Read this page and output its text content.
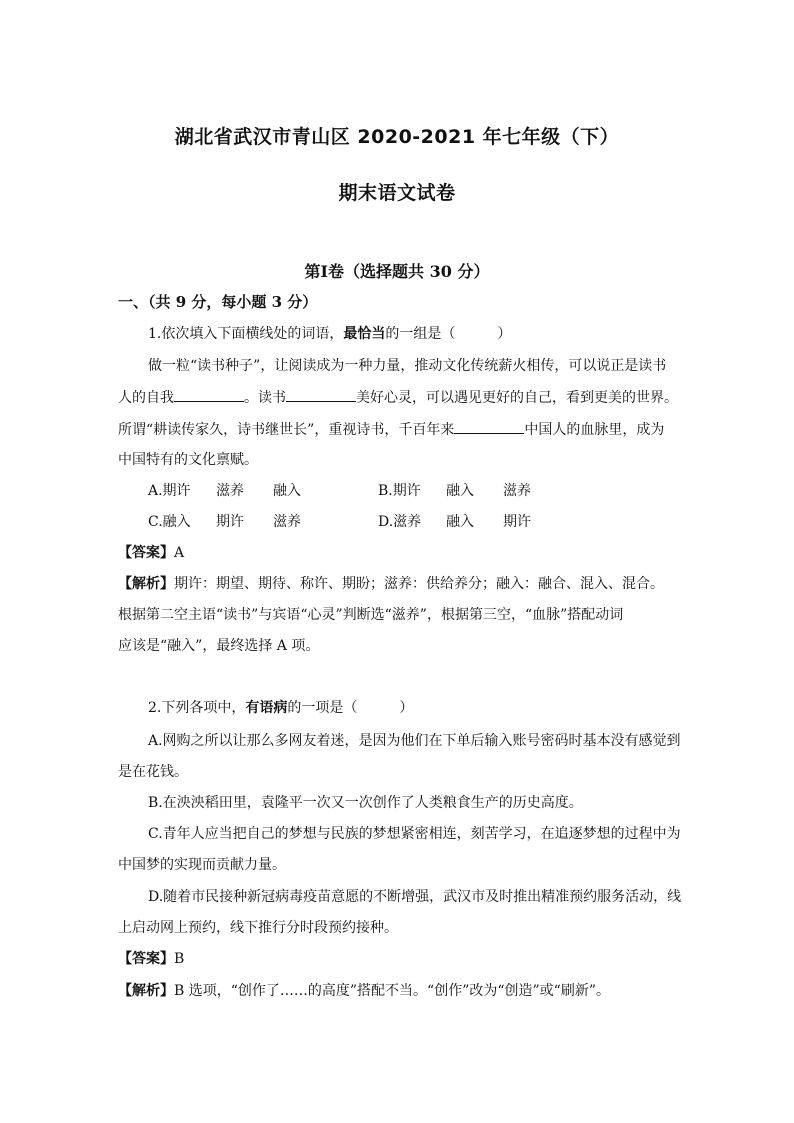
湖北省武汉市青山区 2020-2021 年七年级（下）
期末语文试卷
第Ⅰ卷（选择题共 30 分）
一、（共 9 分，每小题 3 分）
1.依次填入下面横线处的词语，最恰当的一组是（　　　）
做一粒“读书种子”，让阅读成为一种力量，推动文化传统薪火相传，可以说正是读书
人的自我	。读书	美好心灵，可以遇见更好的自己，看到更美的世界。
所谓“耕读传家久，诗书继世长”，重视诗书，千百年来	中国人的血脉里，成为
中国特有的文化禀赋。
A.期许 滋养 融入	B.期许 融入 滋养
C.融入 期许 滋养	D.滋养 融入 期许
【答案】A
【解析】期许：期望、期待、称许、期盼；滋养：供给养分；融入：融合、混入、混合。
根据第二空主语“读书”与宾语“心灵”判断选“滋养”，根据第三空，“血脉”搭配动词
应该是“融入”，最终选择 A 项。
2.下列各项中，有语病的一项是（　　　）
A.网购之所以让那么多网友着迷，是因为他们在下单后输入账号密码时基本没有感觉到
是在花钱。
B.在泱泱稻田里，袁隆平一次又一次创作了人类粮食生产的历史高度。
C.青年人应当把自己的梦想与民族的梦想紧密相连，刻苦学习，在追逐梦想的过程中为
中国梦的实现而贡献力量。
D.随着市民接种新冠病毒疫苗意愿的不断增强，武汉市及时推出精准预约服务活动，线
上启动网上预约，线下推行分时段预约接种。
【答案】B
【解析】B 选项，“创作了……的高度”搭配不当。“创作”改为“创造”或“刷新”。
